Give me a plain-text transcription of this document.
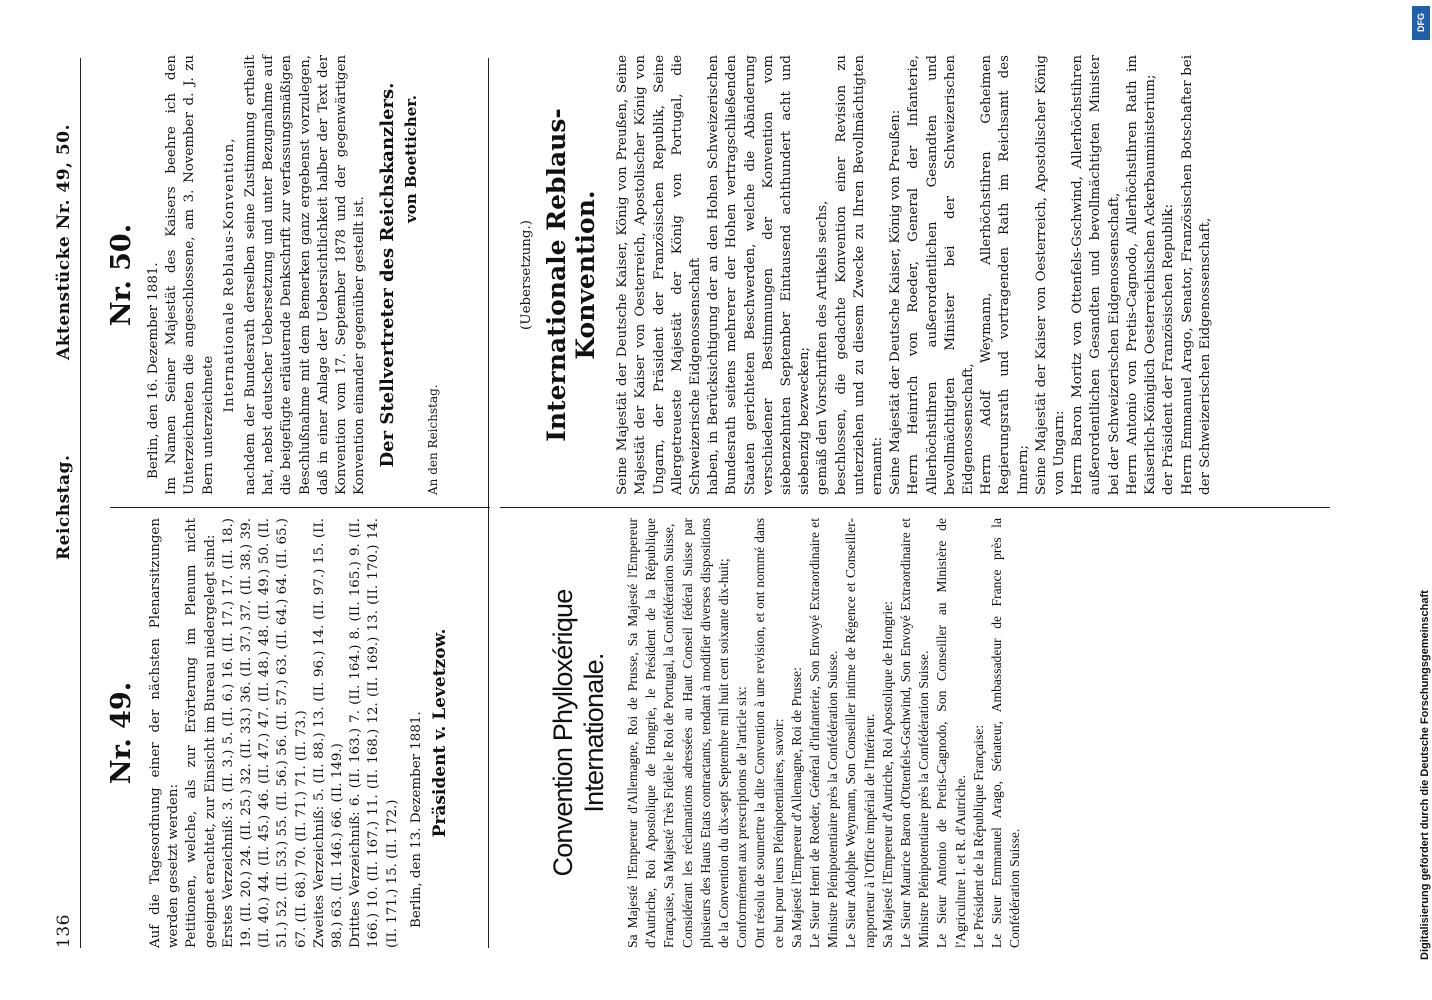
136
Reichstag.
Aktenstücke Nr. 49, 50.
Nr. 49.
Auf die Tagesordnung einer der nächsten Plenarsitzungen werden gesetzt werden:
Petitionen, welche, als zur Erörterung im Plenum nicht geeignet erachtet, zur Einsicht im Bureau niedergelegt sind:
Erstes Verzeichniß: 3. (II. 3.) 5. (II. 6.) 16. (II. 17.) 17. (II. 18.) 19. (II. 20.) 24. (II. 25.) 32. (II. 33.) 36. (II. 37.) 37. (II. 38.) 39. (II. 40.) 44. (II. 45.) 46. (II. 47.) 47. (II. 48.) 48. (II. 49.) 50. (II. 51.) 52. (II. 53.) 55. (II. 56.) 56. (II. 57.) 63. (II. 64.) 64. (II. 65.) 67. (II. 68.) 70. (II. 71.) 71. (II. 73.)
Zweites Verzeichniß: 5. (II. 88.) 13. (II. 96.) 14. (II. 97.) 15. (II. 98.) 63. (II. 146.) 66. (II. 149.)
Drittes Verzeichniß: 6. (II. 163.) 7. (II. 164.) 8. (II. 165.) 9. (II. 166.) 10. (II. 167.) 11. (II. 168.) 12. (II. 169.) 13. (II. 170.) 14. (II. 171.) 15. (II. 172.) Berlin, den 13. Dezember 1881. Präsident v. Levetzow.
Nr. 50.
Berlin, den 16. Dezember 1881.
Im Namen Seiner Majestät des Kaisers beehre ich den Unterzeichneten die angeschlossene, am 3. November d. J. zu Bern unterzeichnete Internationale Reblaus-Konvention, nachdem der Bundesrath derselben seine Zustimmung ertheilt hat, nebst deutscher Uebersetzung und unter Bezugnahme auf die beigefügte erläuternde Denkschrift zur verfassungsmäßigen Beschlußnahme mit dem Bemerken ganz ergebenst vorzulegen, daß in einer Anlage der Uebersichtlichkeit halber der Text der Konvention vom 17. September 1878 und der gegenwärtigen Konvention einander gegenüber gestellt ist. Der Stellvertreter des Reichskanzlers. von Boetticher.
An den Reichstag.
Convention Phylloxérique Internationale.
Sa Majesté l'Empereur d'Allemagne, Roi de Prusse, Sa Majesté l'Empereur d'Autriche, Roi Apostolique de Hongrie, le Président de la République Française, Sa Majesté Très Fidèle le Roi de Portugal, la Confédération Suisse,
Considérant les réclamations adressées au Haut Conseil fédéral Suisse par plusieurs des Hauts Etats contractants, tendant à modifier diverses dispositions de la Convention du dix-sept Septembre mil huit cent soixante dix-huit;
Conformément aux prescriptions de l'article six:
Ont résolu de soumettre la dite Convention à une revision, et ont nommé dans ce but pour leurs Plénipotentiaires, savoir:
Sa Majesté l'Empereur d'Allemagne, Roi de Prusse:
Le Sieur Henri de Roeder, Général d'infanterie, Son Envoyé Extraordinaire et Ministre Plénipotentiaire près la Confédération Suisse.
Le Sieur Adolphe Weymann, Son Conseiller intime de Régence et Conseiller-rapporteur à l'Office impérial de l'Intérieur.
Sa Majesté l'Empereur d'Autriche, Roi Apostolique de Hongrie:
Le Sieur Maurice Baron d'Ottenfels-Gschwind, Son Envoyé Extraordinaire et Ministre Plénipotentiaire près la Confédération Suisse.
Le Sieur Antonio de Pretis-Cagnodo, Son Conseiller au Ministère de l'Agriculture I. et R. d'Autriche.
Le Président de la République Française:
Le Sieur Emmanuel Arago, Sénateur, Ambassadeur de France près la Confédération Suisse.
(Uebersetzung.) Internationale Reblaus-Konvention.
Seine Majestät der Deutsche Kaiser, König von Preußen, Seine Majestät der Kaiser von Oesterreich, Apostolischer König von Ungarn, der Präsident der Französischen Republik, Seine Allergetreueste Majestät der König von Portugal, die Schweizerische Eidgenossenschaft
haben, in Berücksichtigung der an den Hohen Schweizerischen Bundesrath seitens mehrerer der Hohen vertragschließenden Staaten gerichteten Beschwerden, welche die Abänderung verschiedener Bestimmungen der Konvention vom siebenzehnten September Eintausend achthundert acht und siebenzig bezwecken;
gemäß den Vorschriften des Artikels sechs,
beschlossen, die gedachte Konvention einer Revision zu unterziehen und zu diesem Zwecke zu Ihren Bevollmächtigten ernannt:
Seine Majestät der Deutsche Kaiser, König von Preußen:
Herrn Heinrich von Roeder, General der Infanterie, Allerhöchstihren außerordentlichen Gesandten und bevollmächtigten Minister bei der Schweizerischen Eidgenossenschaft,
Herrn Adolf Weymann, Allerhöchstihren Geheimen Regierungsrath und vortragenden Rath im Reichsamt des Innern;
Seine Majestät der Kaiser von Oesterreich, Apostolischer König von Ungarn:
Herrn Baron Moritz von Ottenfels-Gschwind, Allerhöchstihren außerordentlichen Gesandten und bevollmächtigten Minister bei der Schweizerischen Eidgenossenschaft,
Herrn Antonio von Pretis-Cagnodo, Allerhöchstihren Rath im Kaiserlich-Königlich Oesterreichischen Ackerbauministerium;
der Präsident der Französischen Republik:
Herrn Emmanuel Arago, Senator, Französischen Botschafter bei der Schweizerischen Eidgenossenschaft,
Digitalisierung gefördert durch die Deutsche Forschungsgemeinschaft
DFG
